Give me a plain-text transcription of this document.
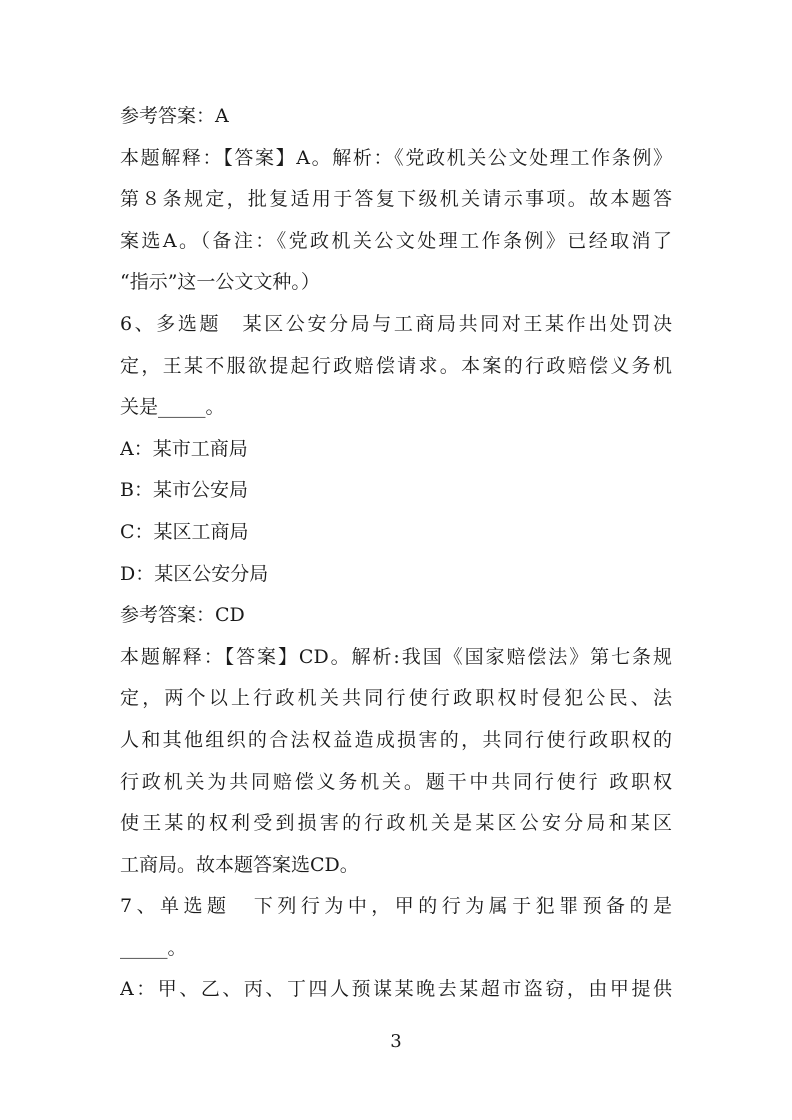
参考答案：A
本题解释：【答案】A。解析：《党政机关公文处理工作条例》
第８条规定，批复适用于答复下级机关请示事项。故本题答
案选A。（备注：《党政机关公文处理工作条例》已经取消了
“指示”这一公文文种。）
6、多选题　某区公安分局与工商局共同对王某作出处罚决
定，王某不服欲提起行政赔偿请求。本案的行政赔偿义务机
关是_____。
A：某市工商局
B：某市公安局
C：某区工商局
D：某区公安分局
参考答案：CD
本题解释：【答案】CD。解析:我国《国家赔偿法》第七条规
定，两个以上行政机关共同行使行政职权时侵犯公民、法
人和其他组织的合法权益造成损害的，共同行使行政职权的
行政机关为共同赔偿义务机关。题干中共同行使行 政职权
使王某的权利受到损害的行政机关是某区公安分局和某区
工商局。故本题答案选CD。
7、单选题　下列行为中，甲的行为属于犯罪预备的是
_____。
A：甲、乙、丙、丁四人预谋某晚去某超市盗窃，由甲提供
3
